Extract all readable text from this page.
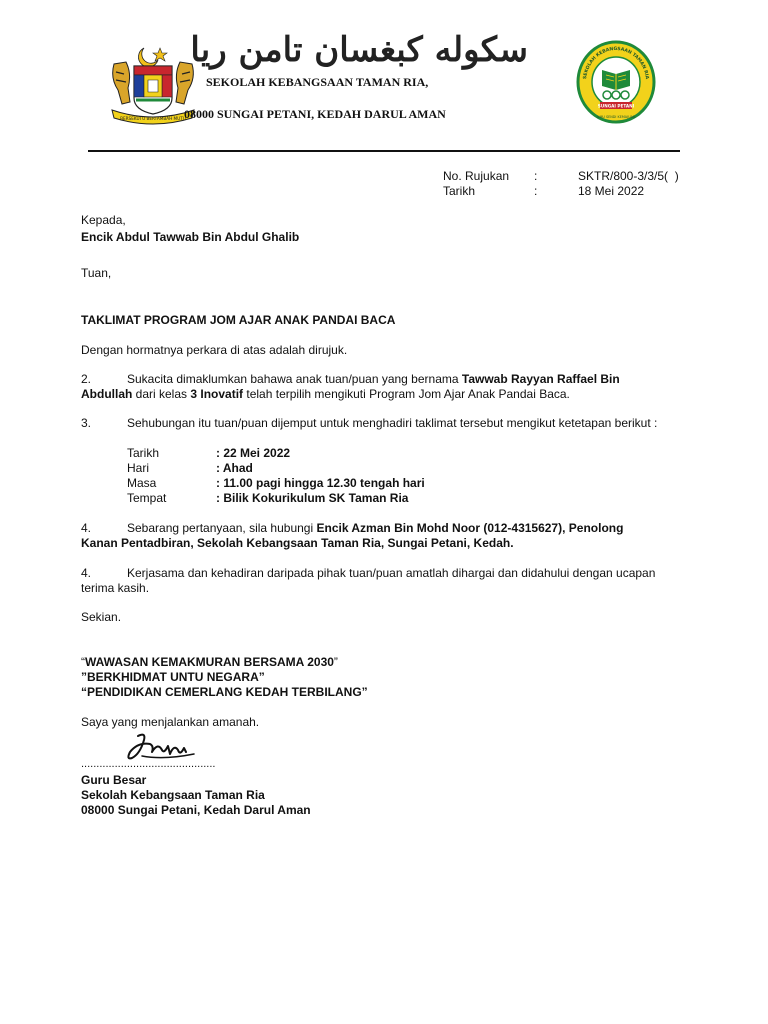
BERSEKUTU BERTAMBAH MUTU
سکوله کبغسان تامن ريا
SEKOLAH KEBANGSAAN TAMAN RIA,
08000 SUNGAI PETANI, KEDAH DARUL AMAN
SEKOLAH KEBANGSAAN TAMAN RIA
SUNGAI PETANI
ILMU SENDI KEMAJUAN
No. Rujukan :	SKTR/800-3/3/5(  )
Tarikh	:	18 Mei 2022
Kepada,
Encik Abdul Tawwab Bin Abdul Ghalib
Tuan,
TAKLIMAT PROGRAM JOM AJAR ANAK PANDAI BACA
Dengan hormatnya perkara di atas adalah dirujuk.
2.	Sukacita dimaklumkan bahawa anak tuan/puan yang bernama Tawwab Rayyan Raffael Bin
Abdullah dari kelas 3 Inovatif telah terpilih mengikuti Program Jom Ajar Anak Pandai Baca.
3.	Sehubungan itu tuan/puan dijemput untuk menghadiri taklimat tersebut mengikut ketetapan berikut :
Tarikh	: 22 Mei 2022
Hari	: Ahad
Masa	: 11.00 pagi hingga 12.30 tengah hari
Tempat	: Bilik Kokurikulum SK Taman Ria
4.	Sebarang pertanyaan, sila hubungi Encik Azman Bin Mohd Noor (012-4315627), Penolong
Kanan Pentadbiran, Sekolah Kebangsaan Taman Ria, Sungai Petani, Kedah.
4.	Kerjasama dan kehadiran daripada pihak tuan/puan amatlah dihargai dan didahului dengan ucapan
terima kasih.
Sekian.
“WAWASAN KEMAKMURAN BERSAMA 2030”
”BERKHIDMAT UNTU NEGARA”
“PENDIDIKAN CEMERLANG KEDAH TERBILANG”
Saya yang menjalankan amanah.
............................................
Guru Besar
Sekolah Kebangsaan Taman Ria
08000 Sungai Petani, Kedah Darul Aman
